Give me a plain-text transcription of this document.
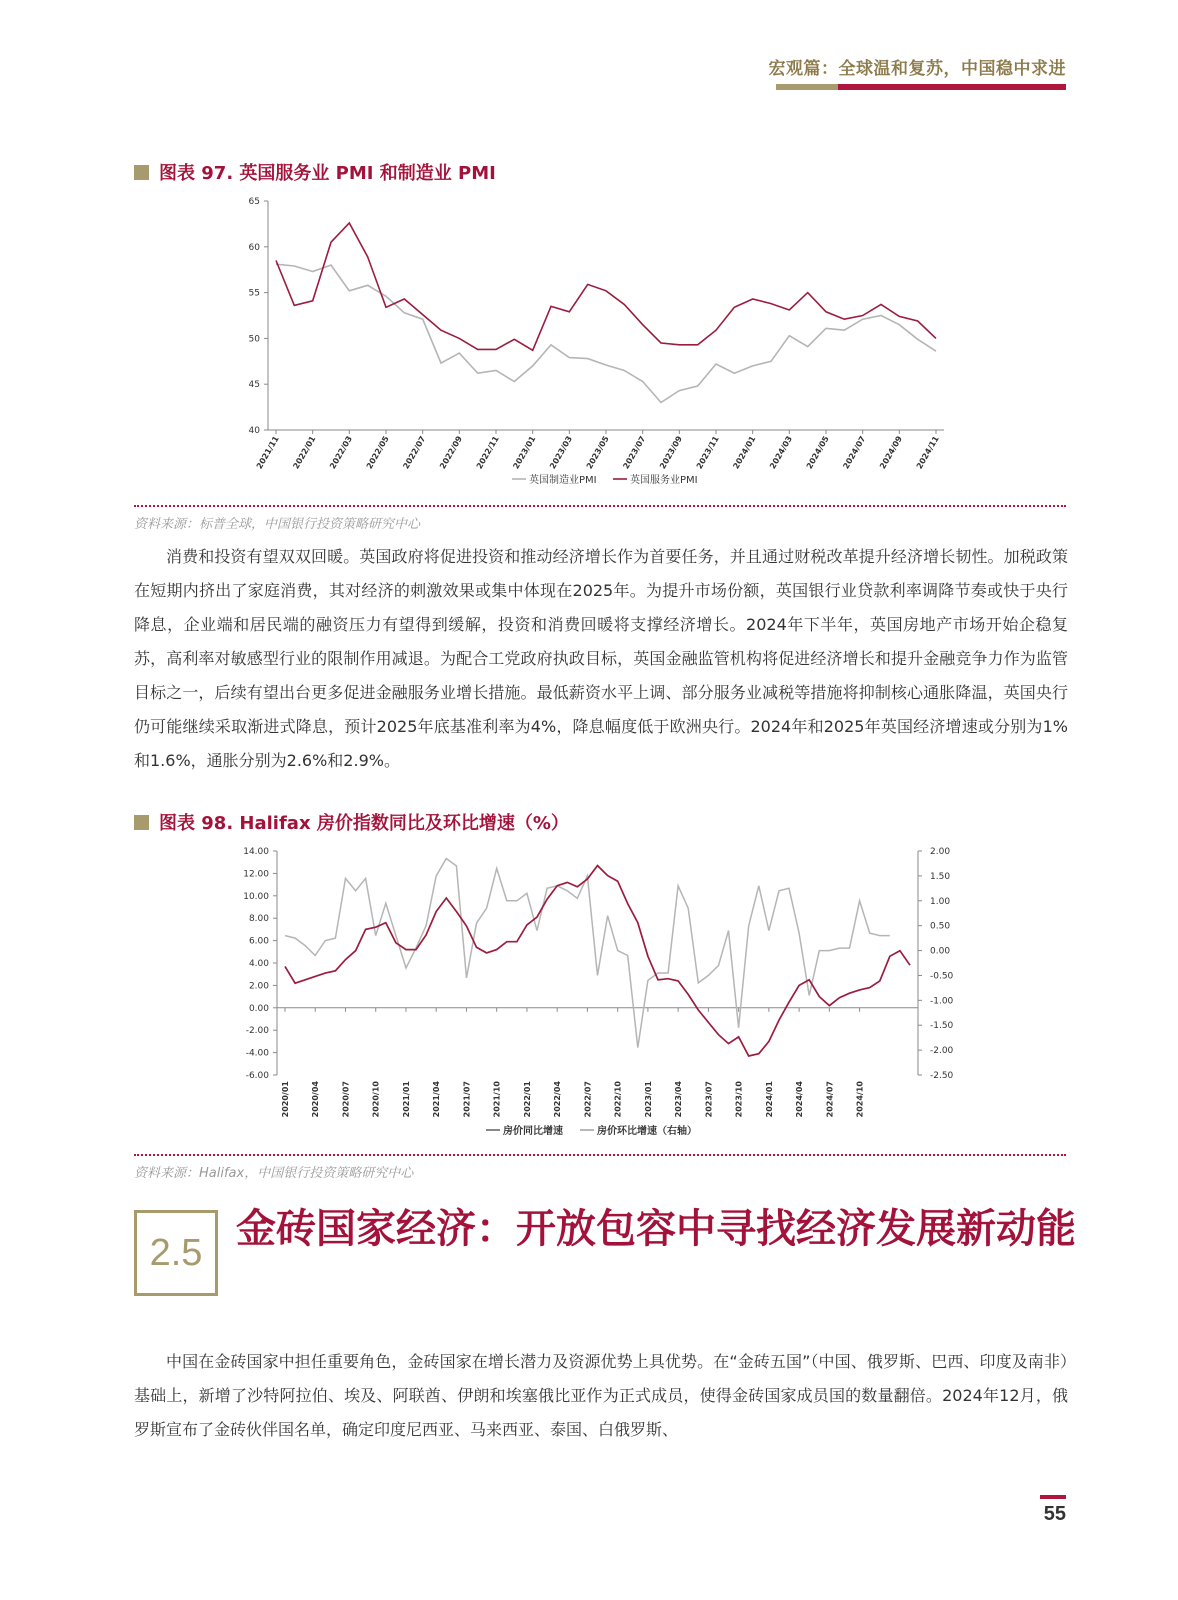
宏观篇：全球温和复苏，中国稳中求进
图表 97. 英国服务业 PMI 和制造业 PMI
65
60
55
50
45
40
2021/11 2022/01 2022/03 2022/05 2022/07 2022/09 2022/11 2023/01 2023/03 2023/05 2023/07 2023/09 2023/11 2024/01 2024/03 2024/05 2024/07 2024/09 2024/11
英国制造业PMI	英国服务业PMI
资料来源：标普全球，中国银行投资策略研究中心
消费和投资有望双双回暖。英国政府将促进投资和推动经济增长作为首要任务，并且通过财税改革提升经济增长韧性。加税政策在短期内挤出了家庭消费，其对经济的刺激效果或集中体现在2025年。为提升市场份额，英国银行业贷款利率调降节奏或快于央行降息，企业端和居民端的融资压力有望得到缓解，投资和消费回暖将支撑经济增长。2024年下半年，英国房地产市场开始企稳复苏，高利率对敏感型行业的限制作用减退。为配合工党政府执政目标，英国金融监管机构将促进经济增长和提升金融竞争力作为监管目标之一，后续有望出台更多促进金融服务业增长措施。最低薪资水平上调、部分服务业减税等措施将抑制核心通胀降温，英国央行仍可能继续采取渐进式降息，预计2025年底基准利率为4%，降息幅度低于欧洲央行。2024年和2025年英国经济增速或分别为1%和1.6%，通胀分别为2.6%和2.9%。
图表 98. Halifax 房价指数同比及环比增速（%）
14.00
12.00
10.00
8.00
6.00
4.00
2.00
0.00
-2.00
-4.00
-6.00
2.00
1.50
1.00
0.50
0.00
-0.50
-1.00
-1.50
-2.00
-2.50
2020/01	2020/04	2020/07	2020/10	2021/01	2021/04	2021/07	2021/10	2022/01	2022/04	2022/07	2022/10	2023/01	2023/04	2023/07	2023/10	2024/01	2024/04	2024/07	2024/10
房价同比增速	房价环比增速（右轴）
资料来源：Halifax，中国银行投资策略研究中心
2.5
金砖国家经济：开放包容中寻找经济发展新动能
中国在金砖国家中担任重要角色，金砖国家在增长潜力及资源优势上具优势。在“金砖五国”（中国、俄罗斯、巴西、印度及南非）基础上，新增了沙特阿拉伯、埃及、阿联酋、伊朗和埃塞俄比亚作为正式成员，使得金砖国家成员国的数量翻倍。2024年12月，俄罗斯宣布了金砖伙伴国名单，确定印度尼西亚、马来西亚、泰国、白俄罗斯、
55
